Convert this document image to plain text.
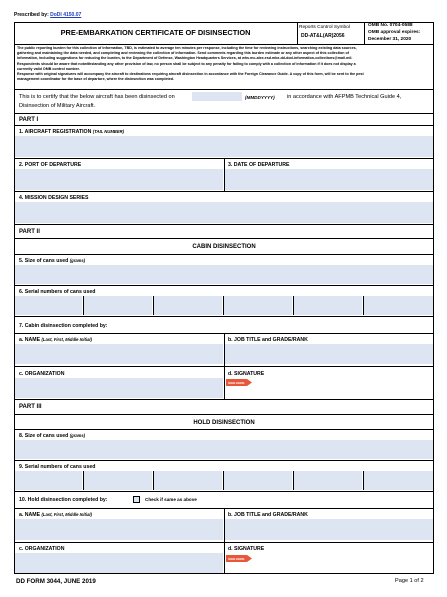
Prescribed by: DoDI 4150.07
PRE-EMBARKATION CERTIFICATE OF DISINSECTION
Reports Control Symbol
DD-AT&L(AR)2056
OMB No. 0704-0588
OMB approval expires:
December 31, 2020
The public reporting burden for this collection of information, TBD, is estimated to average ten minutes per response, including the time for reviewing instructions, searching existing data sources,
gathering and maintaining the data needed, and completing and reviewing the collection of information. Send comments regarding this burden estimate or any other aspect of this collection of
information, including suggestions for reducing the burden, to the Department of Defense, Washington Headquarters Services, at whs.mc-alex.esd.mbx.dd-dod-information-collections@mail.mil.
Respondents should be aware that notwithstanding any other provision of law, no person shall be subject to any penalty for failing to comply with a collection of information if it does not display a
currently valid OMB control number.
Response with original signatures will accompany the aircraft to destinations requiring aircraft disinsection in accordance with the Foreign Clearance Guide. A copy of this form, will be sent to the pest
management coordinator for the base of departure, where the disinsection was completed.
This is to certify that the below aircraft has been disinsected on	(MMDDYYYY) in accordance with AFPMB Technical Guide 4,
Disinsection of Military Aircraft.
PART I
1. AIRCRAFT REGISTRATION (TAIL NUMBER)
2. PORT OF DEPARTURE	3. DATE OF DEPARTURE
4. MISSION DESIGN SERIES
PART II
CABIN DISINSECTION
5. Size of cans used (grams)
6. Serial numbers of cans used
7. Cabin disinsection completed by:
a. NAME (Last, First, Middle Initial)	b. JOB TITLE and GRADE/RANK
c. ORGANIZATION	d. SIGNATURE
SIGN HERE
PART III
HOLD DISINSECTION
8. Size of cans used (grams)
9. Serial numbers of cans used
10. Hold disinsection completed by:	Check if same as above
a. NAME (Last, First, Middle Initial)	b. JOB TITLE and GRADE/RANK
c. ORGANIZATION	d. SIGNATURE
SIGN HERE
DD FORM 3044, JUNE 2019	Page 1 of 2
